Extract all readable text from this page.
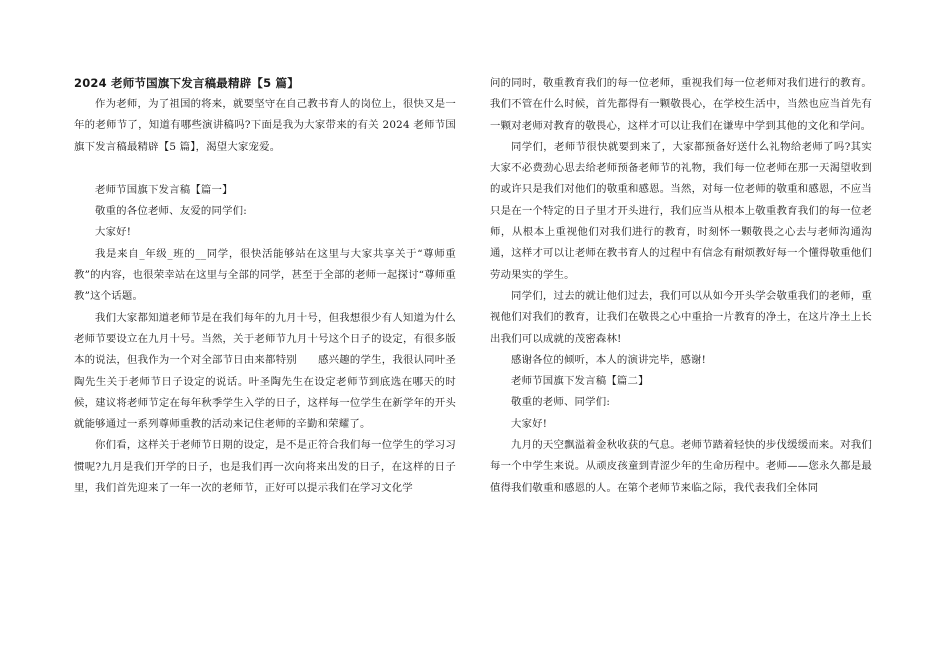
2024 老师节国旗下发言稿最精辟【5 篇】

作为老师，为了祖国的将来，就要坚守在自己教书育人的岗位上，很快又是一年的老师节了，知道有哪些演讲稿吗?下面是我为大家带来的有关 2024 老师节国旗下发言稿最精辟【5 篇】，渴望大家宠爱。

老师节国旗下发言稿【篇一】

敬重的各位老师、友爱的同学们:

大家好!

我是来自_年级_班的__同学，很快活能够站在这里与大家共享关于“尊师重教”的内容，也很荣幸站在这里与全部的同学，甚至于全部的老师一起探讨“尊师重教”这个话题。

我们大家都知道老师节是在我们每年的九月十号，但我想很少有人知道为什么老师节要设立在九月十号。当然，关于老师节九月十号这个日子的设定，有很多版本的说法，但我作为一个对全部节日由来都特别　　感兴趣的学生，我很认同叶圣陶先生关于老师节日子设定的说话。叶圣陶先生在设定老师节到底选在哪天的时候，建议将老师节定在每年秋季学生入学的日子，这样每一位学生在新学年的开头就能够通过一系列尊师重教的活动来记住老师的辛勤和荣耀了。

你们看，这样关于老师节日期的设定，是不是正符合我们每一位学生的学习习惯呢?九月是我们开学的日子，也是我们再一次向将来出发的日子，在这样的日子里，我们首先迎来了一年一次的老师节，正好可以提示我们在学习文化学

问的同时，敬重教育我们的每一位老师，重视我们每一位老师对我们进行的教育。我们不管在什么时候，首先都得有一颗敬畏心，在学校生活中，当然也应当首先有一颗对老师对教育的敬畏心，这样才可以让我们在谦卑中学到其他的文化和学问。

同学们，老师节很快就要到来了，大家都预备好送什么礼物给老师了吗?其实大家不必费劲心思去给老师预备老师节的礼物，我们每一位老师在那一天渴望收到的或许只是我们对他们的敬重和感恩。当然，对每一位老师的敬重和感恩，不应当只是在一个特定的日子里才开头进行，我们应当从根本上敬重教育我们的每一位老师，从根本上重视他们对我们进行的教育，时刻怀一颗敬畏之心去与老师沟通沟通，这样才可以让老师在教书育人的过程中有信念有耐烦教好每一个懂得敬重他们劳动果实的学生。

同学们，过去的就让他们过去，我们可以从如今开头学会敬重我们的老师，重视他们对我们的教育，让我们在敬畏之心中重拾一片教育的净土，在这片净土上长出我们可以成就的茂密森林!

感谢各位的倾听，本人的演讲完毕，感谢!

老师节国旗下发言稿【篇二】

敬重的老师、同学们:

大家好!

九月的天空飘溢着金秋收获的气息。老师节踏着轻快的步伐缓缓而来。对我们每一个中学生来说。从顽皮孩童到青涩少年的生命历程中。老师——您永久都是最值得我们敬重和感恩的人。在第个老师节来临之际，我代表我们全体同
